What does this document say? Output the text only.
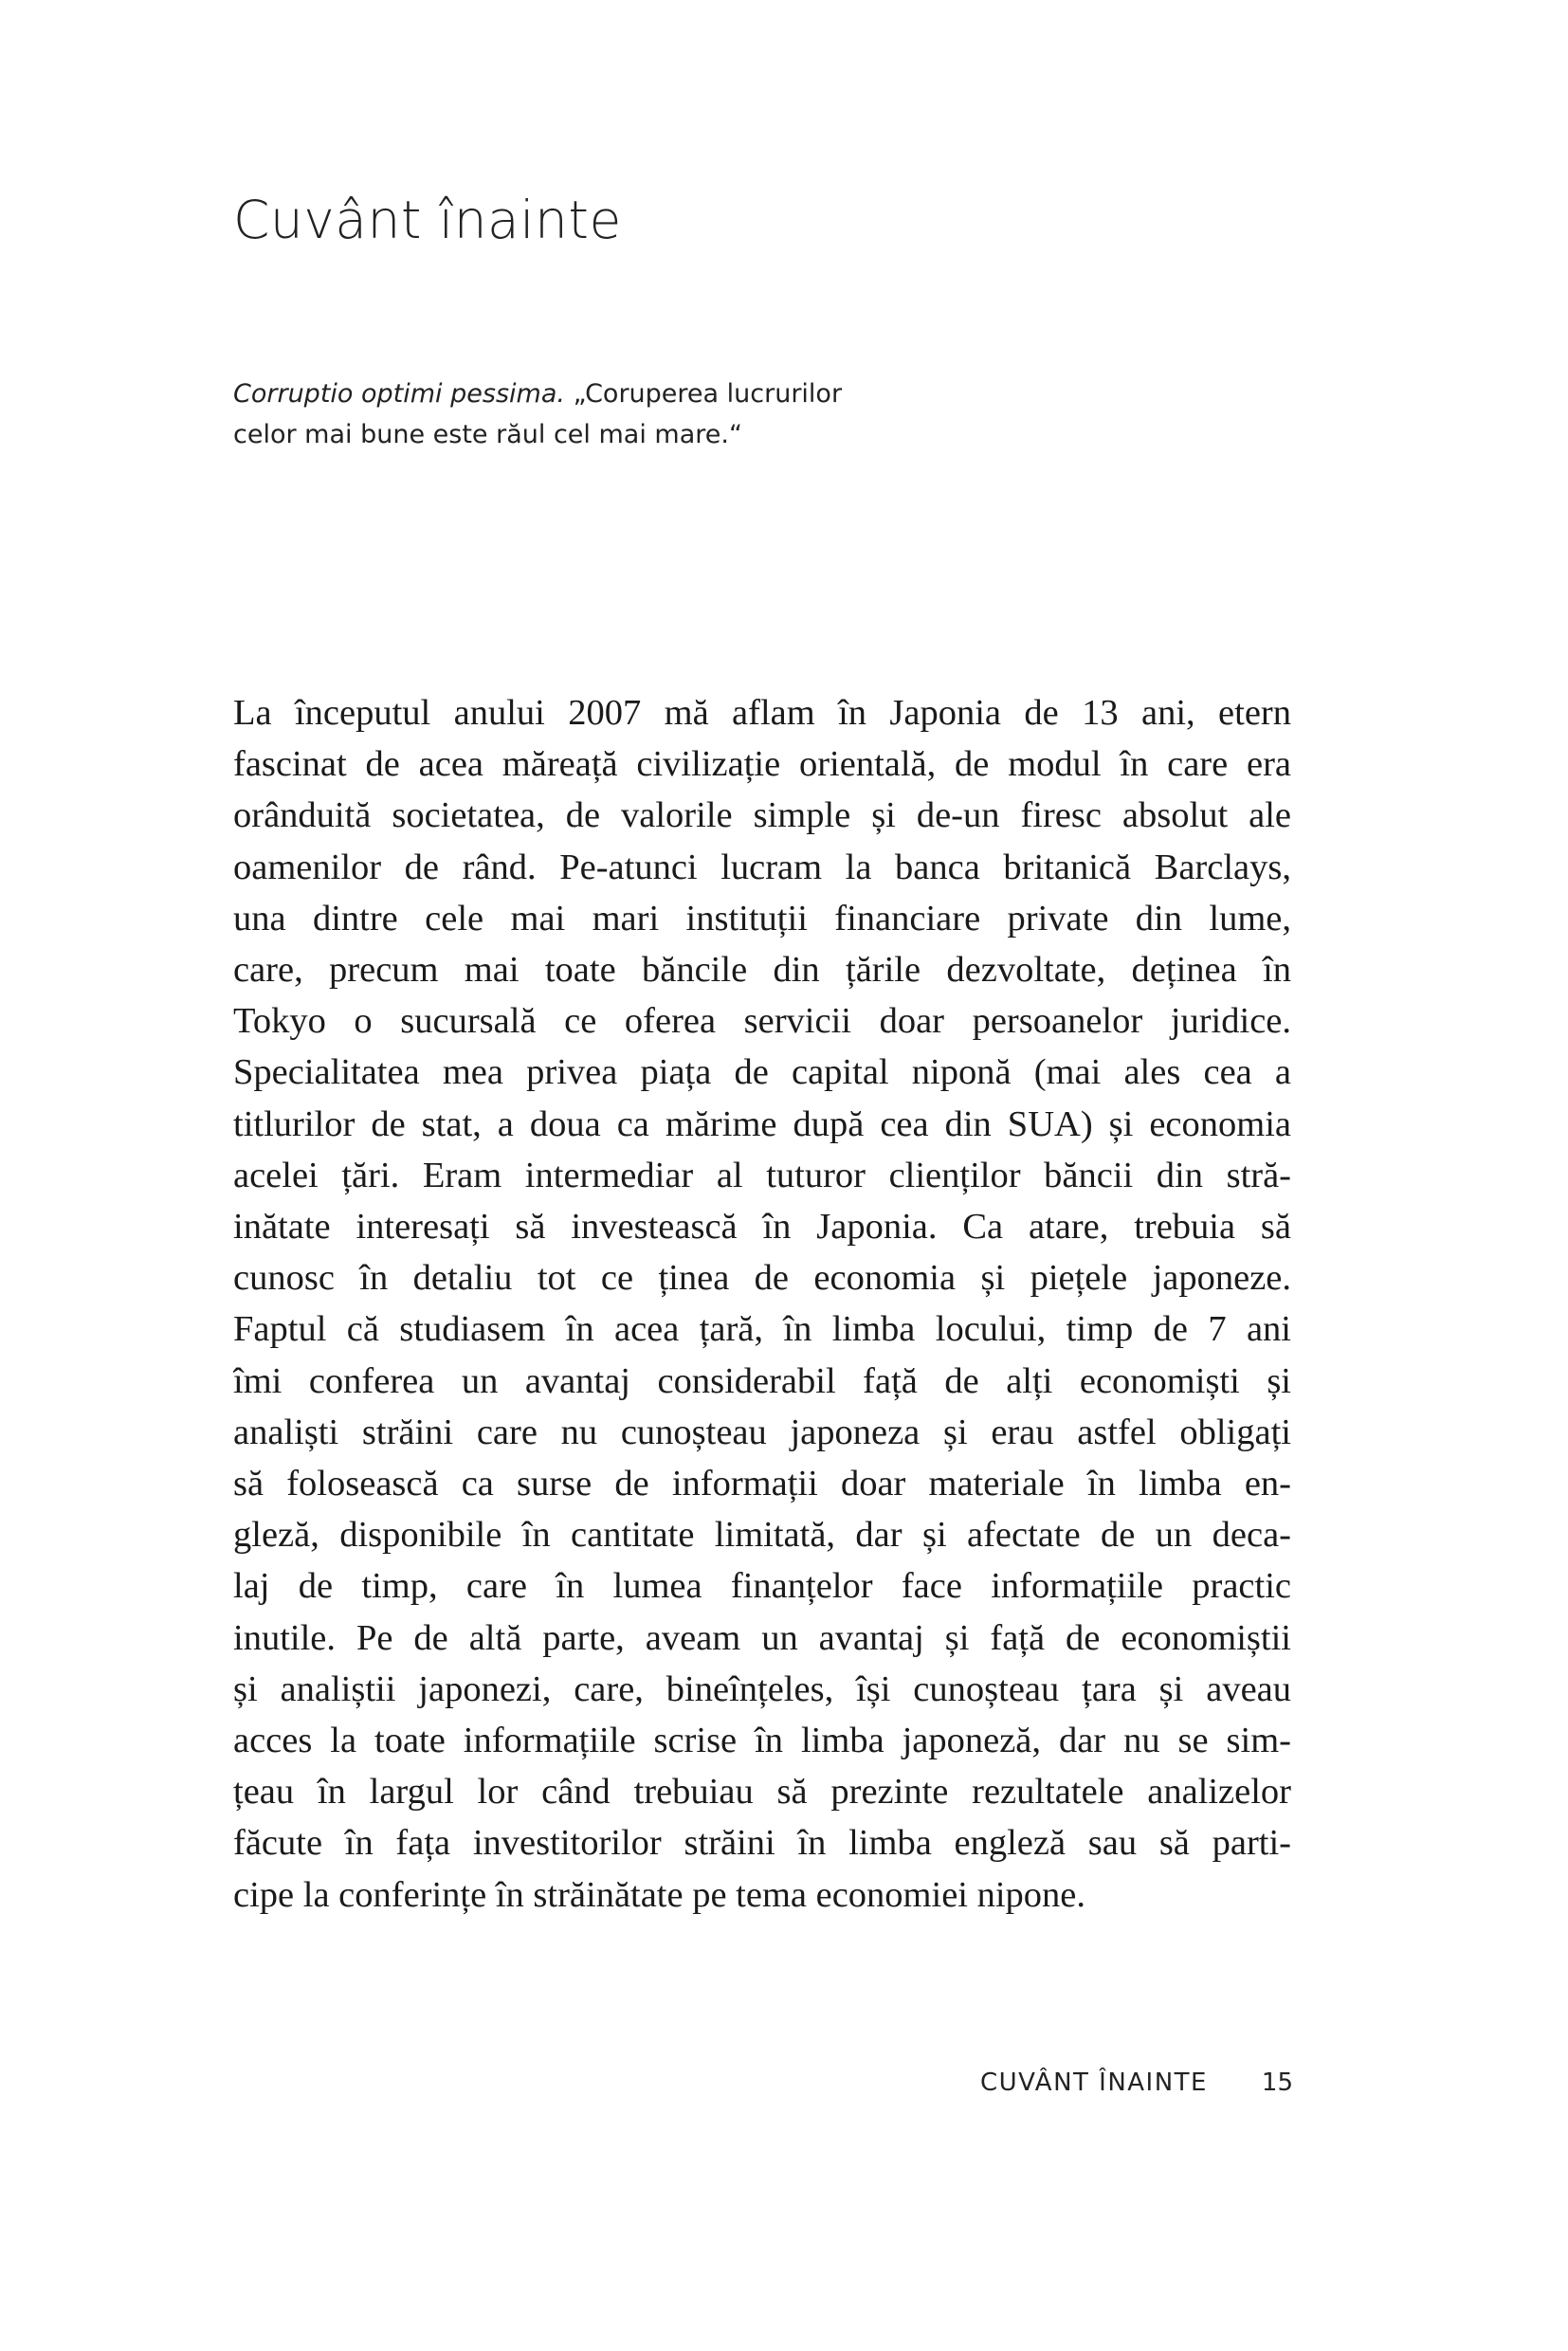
Cuvânt înainte

Corruptio optimi pessima. „Coruperea lucrurilor
celor mai bune este răul cel mai mare.“

La începutul anului 2007 mă aflam în Japonia de 13 ani, etern
fascinat de acea măreață civilizație orientală, de modul în care era
orânduită societatea, de valorile simple și de-un firesc absolut ale
oamenilor de rând. Pe-atunci lucram la banca britanică Barclays,
una dintre cele mai mari instituții financiare private din lume,
care, precum mai toate băncile din țările dezvoltate, deținea în
Tokyo o sucursală ce oferea servicii doar persoanelor juridice.
Specialitatea mea privea piața de capital niponă (mai ales cea a
titlurilor de stat, a doua ca mărime după cea din SUA) și economia
acelei țări. Eram intermediar al tuturor clienților băncii din stră-
inătate interesați să investească în Japonia. Ca atare, trebuia să
cunosc în detaliu tot ce ținea de economia și piețele japoneze.
Faptul că studiasem în acea țară, în limba locului, timp de 7 ani
îmi conferea un avantaj considerabil față de alți economiști și
analiști străini care nu cunoșteau japoneza și erau astfel obligați
să folosească ca surse de informații doar materiale în limba en-
gleză, disponibile în cantitate limitată, dar și afectate de un deca-
laj de timp, care în lumea finanțelor face informațiile practic
inutile. Pe de altă parte, aveam un avantaj și față de economiștii
și analiștii japonezi, care, bineînțeles, își cunoșteau țara și aveau
acces la toate informațiile scrise în limba japoneză, dar nu se sim-
țeau în largul lor când trebuiau să prezinte rezultatele analizelor
făcute în fața investitorilor străini în limba engleză sau să parti-
cipe la conferințe în străinătate pe tema economiei nipone.
CUVÂNT ÎNAINTE 15
